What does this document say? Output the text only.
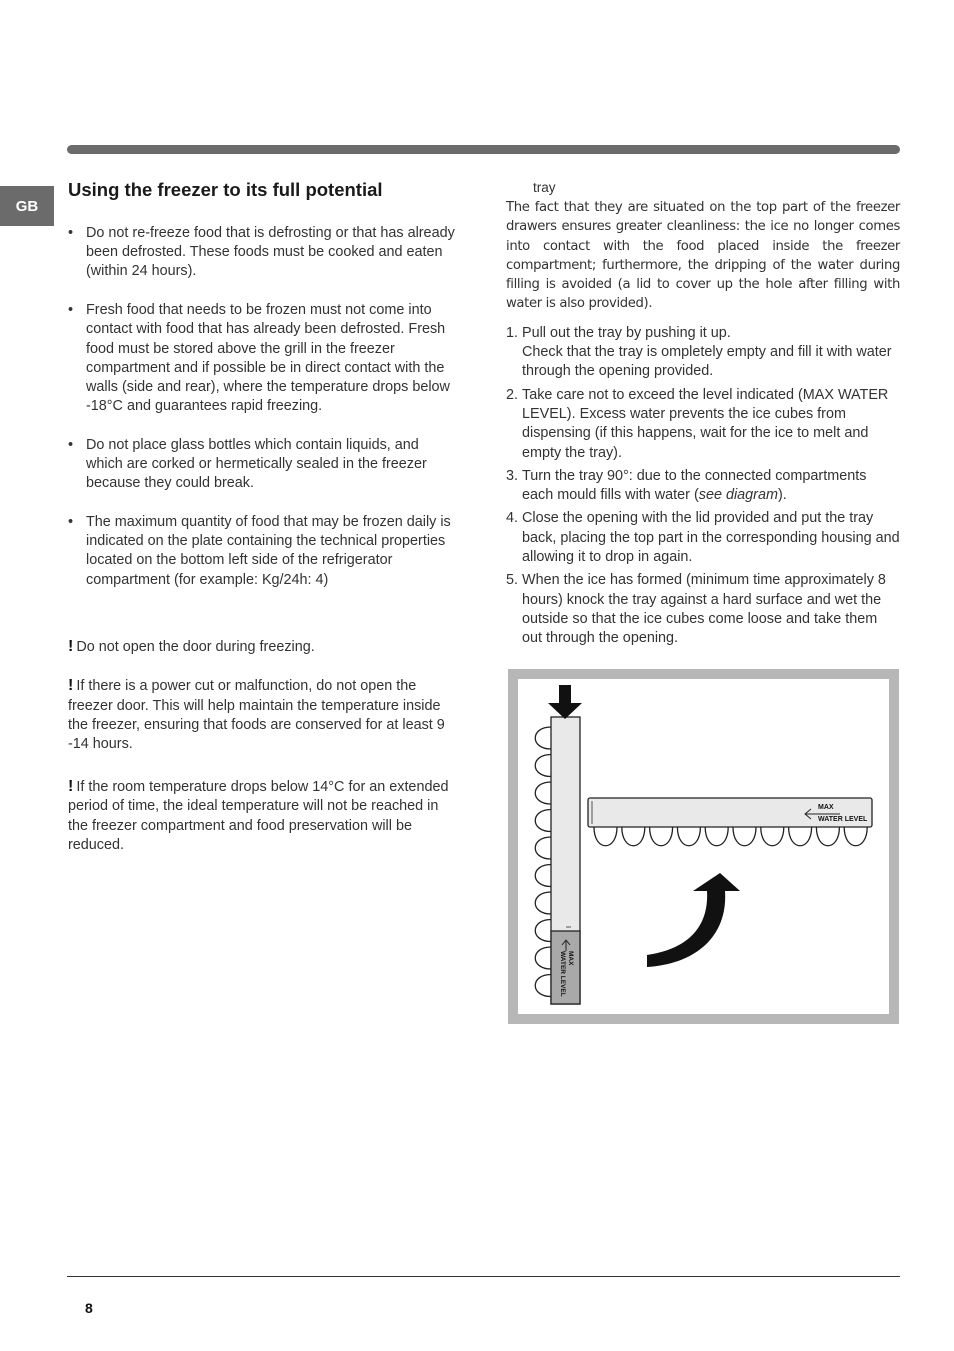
GB
Using the freezer to its full potential
• Do not re-freeze food that is defrosting or that has already been defrosted. These foods must be cooked and eaten (within 24 hours).
• Fresh food that needs to be frozen must not come into contact with food that has already been defrosted. Fresh food must be stored above the grill in the freezer compartment and if possible be in direct contact with the walls (side and rear), where the temperature drops below -18°C and guarantees rapid freezing.
• Do not place glass bottles which contain liquids, and which are corked or hermetically sealed in the freezer because they could break.
• The maximum quantity of food that may be frozen daily is indicated on the plate containing the technical properties located on the bottom left side of the refrigerator compartment (for example: Kg/24h: 4)

! Do not open the door during freezing.

! If there is a power cut or malfunction, do not open the freezer door. This will help maintain the temperature inside the freezer, ensuring that foods are conserved for at least 9 -14 hours.

! If the room temperature drops below 14°C for an extended period of time, the ideal temperature will not be reached in the freezer compartment and food preservation will be reduced.

tray

The fact that they are situated on the top part of the freezer drawers ensures greater cleanliness: the ice no longer comes into contact with the food placed inside the freezer compartment; furthermore, the dripping of the water during filling is avoided (a lid to cover up the hole after filling with water is also provided).

1. Pull out the tray by pushing it up.
Check that the tray is ompletely empty and fill it with water through the opening provided.
2. Take care not to exceed the level indicated (MAX WATER LEVEL). Excess water prevents the ice cubes from dispensing (if this happens, wait for the ice to melt and empty the tray).
3. Turn the tray 90°: due to the connected compartments each mould fills with water (see diagram).
4. Close the opening with the lid provided and put the tray back, placing the top part in the corresponding housing and allowing it to drop in again.
5. When the ice has formed (minimum time approximately 8 hours) knock the tray against a hard surface and wet the outside so that the ice cubes come loose and take them out through the opening.
MAX
WATER LEVEL
MAX
WATER LEVEL
8
